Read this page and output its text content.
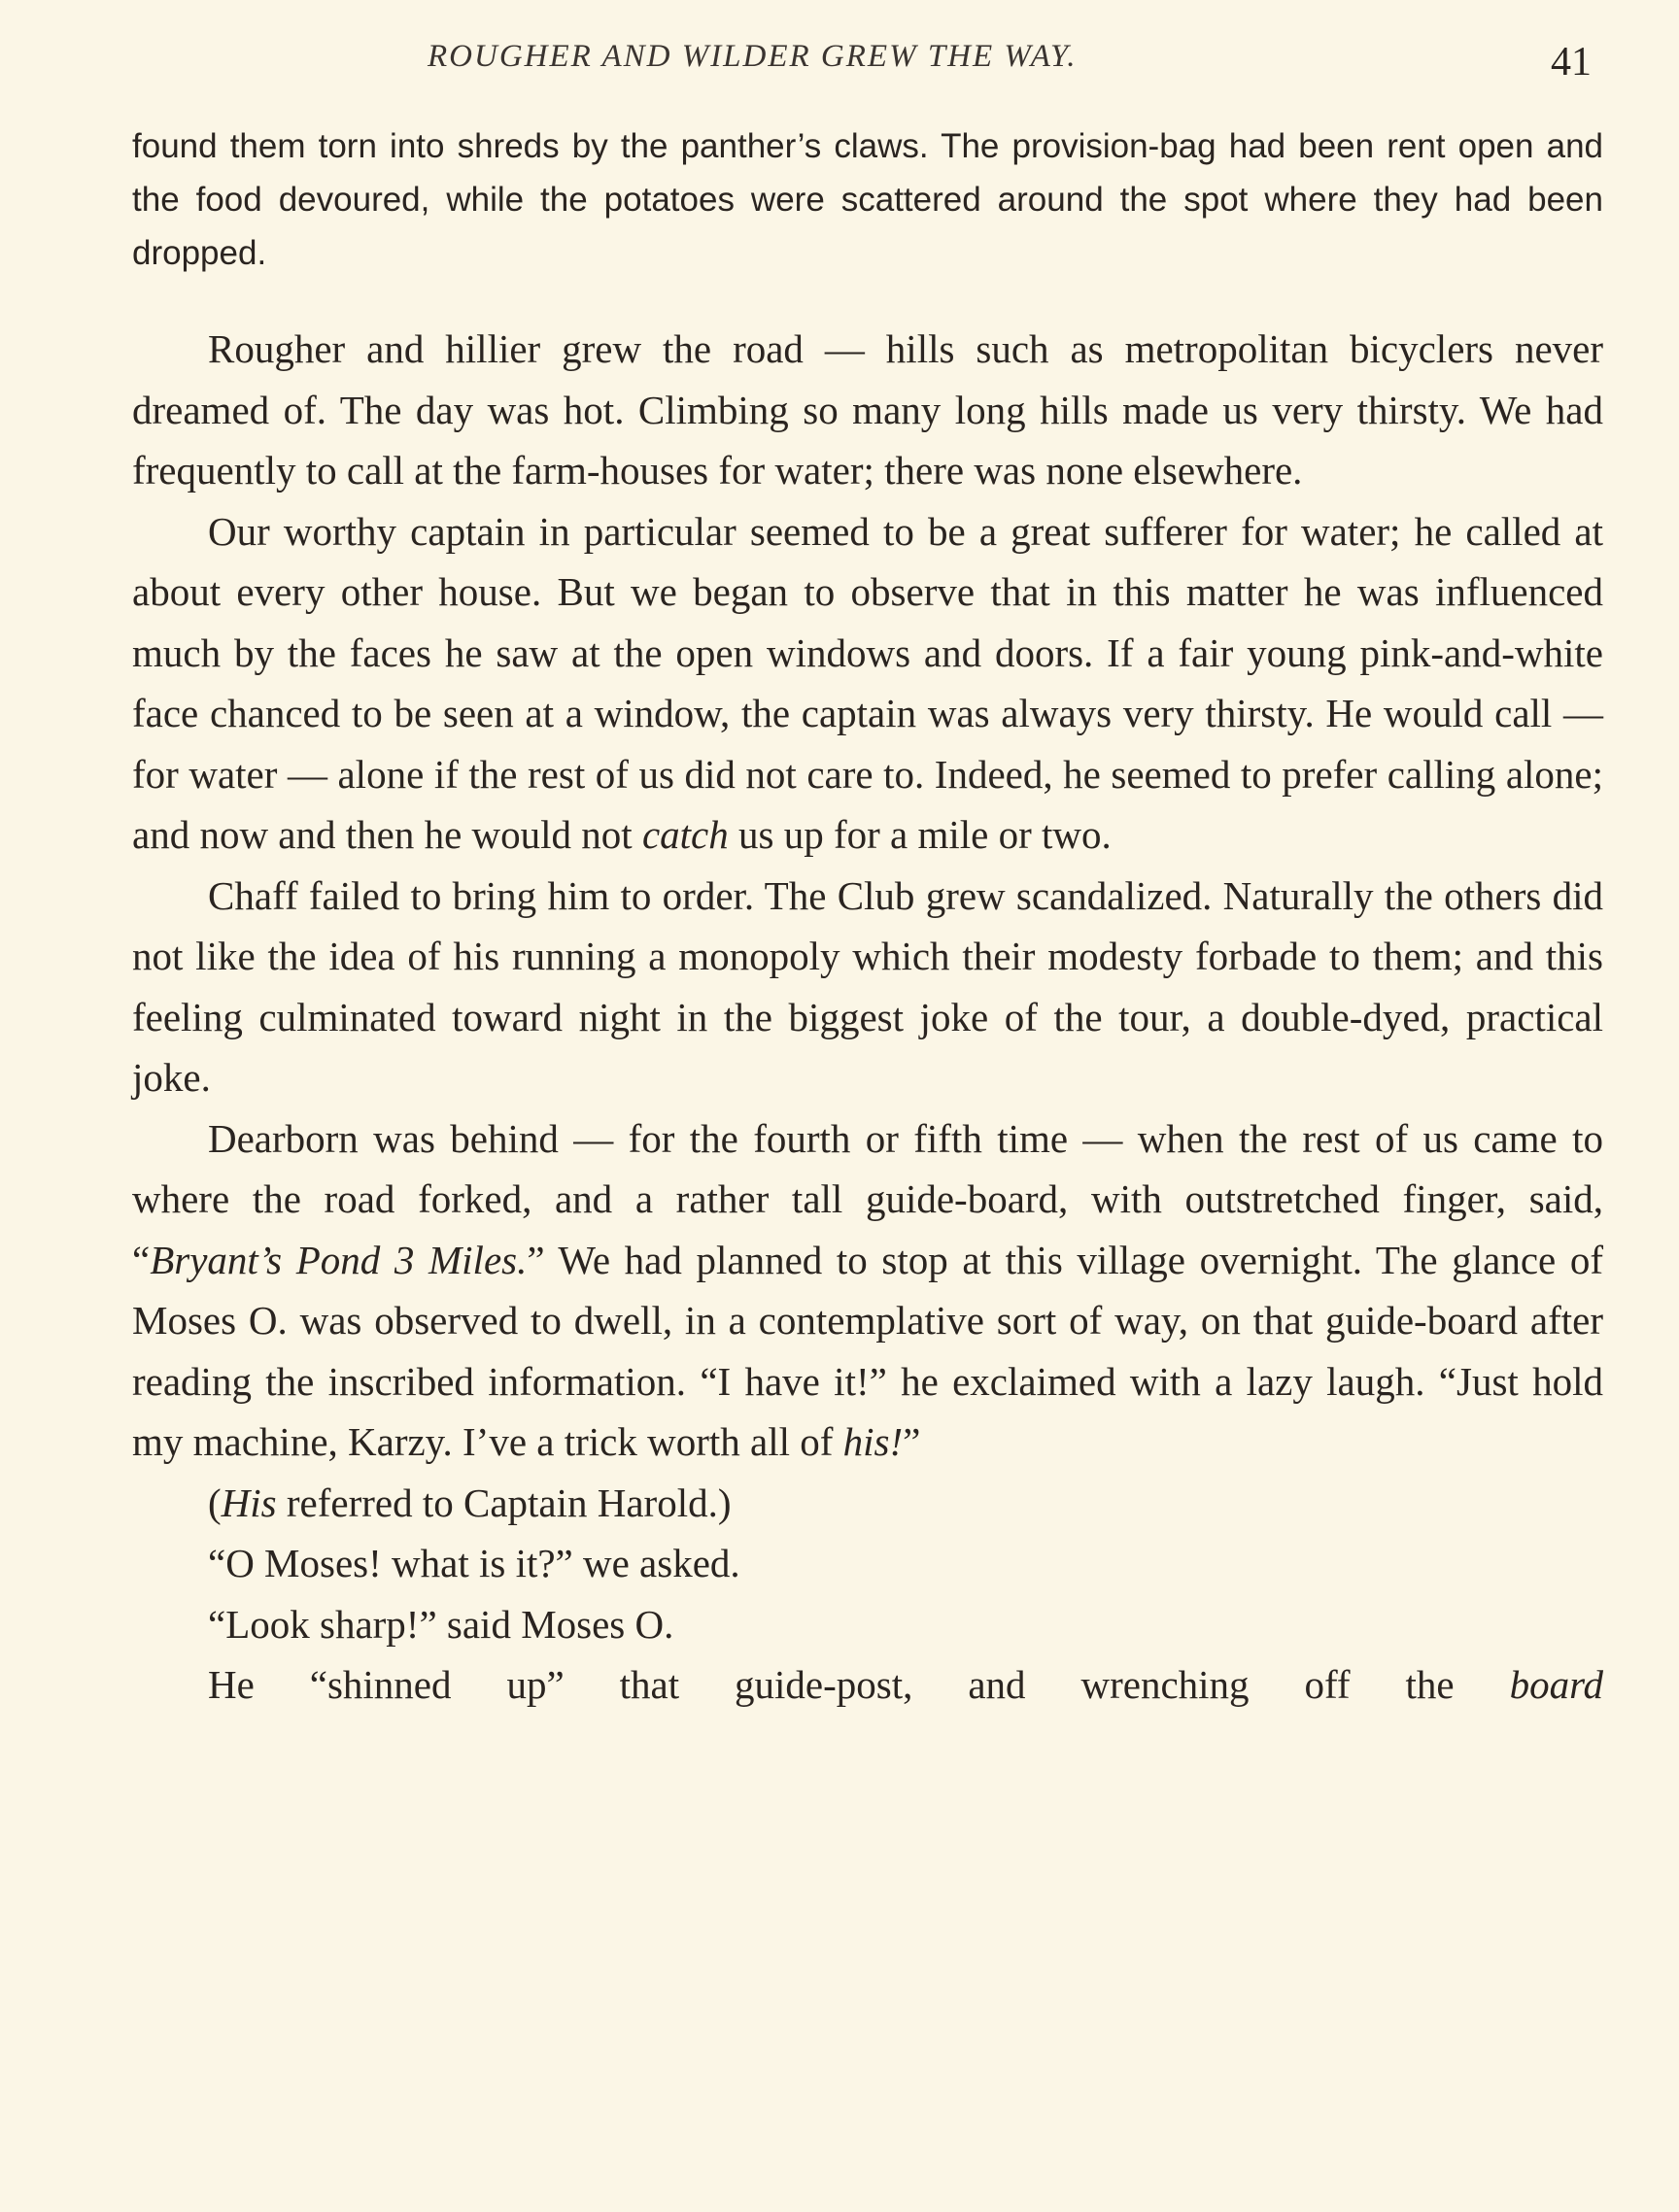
ROUGHER AND WILDER GREW THE WAY.	41

found them torn into shreds by the panther’s claws. The provision-bag had been rent open and the food devoured, while the potatoes were scattered around the spot where they had been dropped.

Rougher and hillier grew the road — hills such as metropolitan bicyclers never dreamed of. The day was hot. Climbing so many long hills made us very thirsty. We had frequently to call at the farm-houses for water; there was none elsewhere.

Our worthy captain in particular seemed to be a great sufferer for water; he called at about every other house. But we began to observe that in this matter he was influenced much by the faces he saw at the open windows and doors. If a fair young pink-and-white face chanced to be seen at a window, the captain was always very thirsty. He would call — for water — alone if the rest of us did not care to. Indeed, he seemed to prefer calling alone; and now and then he would not catch us up for a mile or two.

Chaff failed to bring him to order. The Club grew scandalized. Naturally the others did not like the idea of his running a monopoly which their modesty forbade to them; and this feeling culminated toward night in the biggest joke of the tour, a double-dyed, practical joke.

Dearborn was behind — for the fourth or fifth time — when the rest of us came to where the road forked, and a rather tall guide-board, with outstretched finger, said, “Bryant’s Pond 3 Miles.” We had planned to stop at this village overnight. The glance of Moses O. was observed to dwell, in a contemplative sort of way, on that guide-board after reading the inscribed information. “I have it!” he exclaimed with a lazy laugh. “Just hold my machine, Karzy. I’ve a trick worth all of his!”

(His referred to Captain Harold.)

“O Moses! what is it?” we asked.

“Look sharp!” said Moses O.

He “shinned up” that guide-post, and wrenching off the board
